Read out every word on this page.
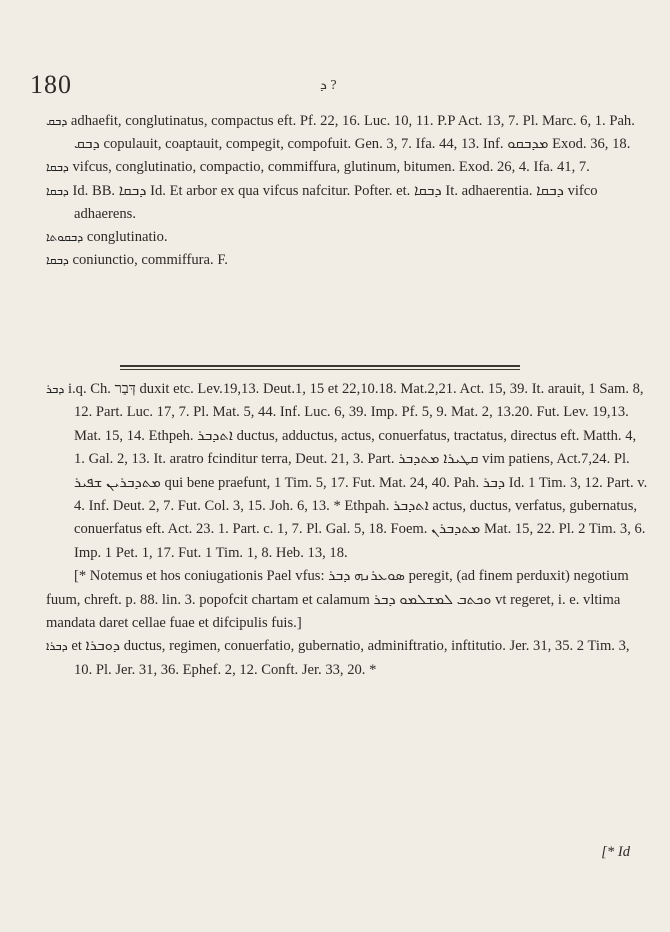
180	ܕ ?

ܕܒܩ adhaefit, conglutinatus, compactus eft. Pf. 22, 16. Luc. 10, 11. P.P Act. 13, 7. Pl. Marc. 6, 1. Pah. ܕܒܩ copulauit, coaptauit, compegit, compofuit. Gen. 3, 7. Ifa. 44, 13. Inf. ܡܕܒܩܘ Exod. 36, 18.

ܕܒܩܐ vifcus, conglutinatio, compactio, commiffura, glutinum, bitumen. Exod. 26, 4. Ifa. 41, 7.

ܕܒܩܐ Id. BB. ܕܒܩܐ Id. Et arbor ex qua vifcus nafcitur. Pofter. et. ܕܒܩܐ It. adhaerentia. ܕܒܩܐ vifco adhaerens.

ܕܒܩܘܬܐ conglutinatio.

ܕܒܩܐ coniunctio, commiffura. F.

ܕܒܪ i.q. Ch. דְּבַר duxit etc. Lev.19,13. Deut.1, 15 et 22,10.18. Mat.2,21. Act. 15, 39. It. arauit, 1 Sam. 8, 12. Part. Luc. 17, 7. Pl. Mat. 5, 44. Inf. Luc. 6, 39. Imp. Pf. 5, 9. Mat. 2, 13.20. Fut. Lev. 19,13. Mat. 15, 14. Ethpeh. ܐܬܕܒܪ ductus, adductus, actus, conuerfatus, tractatus, directus eft. Matth. 4, 1. Gal. 2, 13. It. aratro fcinditur terra, Deut. 21, 3. Part. ܩܛܝܪܐ ܡܬܕܒܪ vim patiens, Act.7,24. Pl. ܡܬܕܒܪܝܢ ܫܦܝܪ qui bene praefunt, 1 Tim. 5, 17. Fut. Mat. 24, 40. Pah. ܕܒܪ Id. 1 Tim. 3, 12. Part. v. 4. Inf. Deut. 2, 7. Fut. Col. 3, 15. Joh. 6, 13. * Ethpah. ܐܬܕܒܪ actus, ductus, verfatus, gubernatus, conuerfatus eft. Act. 23. 1. Part. c. 1, 7. Pl. Gal. 5, 18. Foem. ܡܬܕܒܪܢ Mat. 15, 22. Pl. 2 Tim. 3, 6. Imp. 1 Pet. 1, 17. Fut. 1 Tim. 1, 8. Heb. 13, 18.

[* Notemus et hos coniugationis Pael vfus: ܣܘܥܪܢܗ ܕܒܪ peregit, (ad finem perduxit) negotium fuum, chreft. p. 88. lin. 3. popofcit chartam et calamum ܘܟܬܒ ܠܡܫܠܡܘ ܕܒܪ vt regeret, i. e. vltima mandata daret cellae fuae et difcipulis fuis.]

ܕܒܪܐ et ܕܘܒܪܐ ductus, regimen, conuerfatio, gubernatio, adminiftratio, inftitutio. Jer. 31, 35. 2 Tim. 3, 10. Pl. Jer. 31, 36. Ephef. 2, 12. Conft. Jer. 33, 20. *

[* Id
